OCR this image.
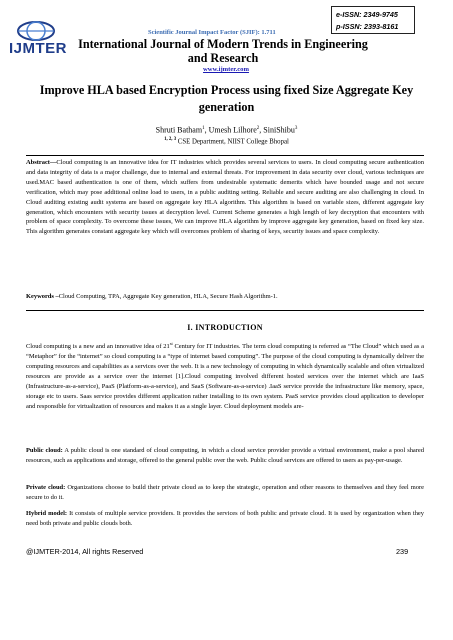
IJMTER
e-ISSN: 2349-9745
p-ISSN: 2393-8161
Scientific Journal Impact Factor (SJIF): 1.711
International Journal of Modern Trends in Engineering
and Research
www.ijmter.com
Improve HLA based Encryption Process using fixed Size Aggregate Key
generation
Shruti Batham$^1$, Umesh Lilhore$^2$, SiniShibu$^3$
$^{1, 2, 3}$ CSE Department, NIIST College Bhopal
Abstract—Cloud computing is an innovative idea for IT industries which provides several services to users. In cloud computing secure authentication and data integrity of data is a major challenge, due to internal and external threats. For improvement in data security over cloud, various techniques are used.MAC based authentication is one of them, which suffers from undesirable systematic demerits which have bounded usage and not secure verification, which may pose additional online load to users, in a public auditing setting. Reliable and secure auditing are also challenging in cloud. In Cloud auditing existing audit systems are based on aggregate key HLA algorithm. This algorithm is based on variable sizes, different aggregate key generation, which encounters with security issues at decryption level. Current Scheme generates a high length of key decryption that encounters with problem of space complexity. To overcome these issues, We can improve HLA algorithm by improve aggregate key generation, based on fixed key size. This algorithm generates constant aggregate key which will overcomes problem of sharing of keys, security issues and space complexity.
Keywords –Cloud Computing, TPA, Aggregate Key generation, HLA, Secure Hash Algorithm-1.
I. INTRODUCTION
Cloud computing is a new and an innovative idea of 21st Century for IT industries. The term cloud computing is referred as “The Cloud” which used as a “Metaphor” for the “internet” so cloud computing is a “type of internet based computing”. The purpose of the cloud computing is dynamically deliver the computing resources and capabilities as a services over the web. It is a new technology of computing in which dynamically scalable and often virtualized resources are provide as a service over the internet [1].Cloud computing involved different hosted services over the internet which are IaaS (Infrastructure-as-a-service), PaaS (Platform-as-a-service), and SaaS (Software-as-a-service) .IaaS service provide the infrastructure like memory, space, storage etc to users. Saas service provides different application rather installing to its own system. PaaS service provides cloud application to developer and responsible for virtualization of resources and makes it as a single layer. Cloud deployment models are-
Public cloud: A public cloud is one standard of cloud computing, in which a cloud service provider provide a virtual environment, make a pool shared resources, such as applications and storage, offered to the general public over the web. Public cloud services are offered to users as pay-per-usage.
Private cloud: Organizations choose to build their private cloud as to keep the strategic, operation and other reasons to themselves and they feel more secure to do it.
Hybrid model: It consists of multiple service providers. It provides the services of both public and private cloud. It is used by organization when they need both private and public clouds both.
@IJMTER-2014, All rights Reserved	239
